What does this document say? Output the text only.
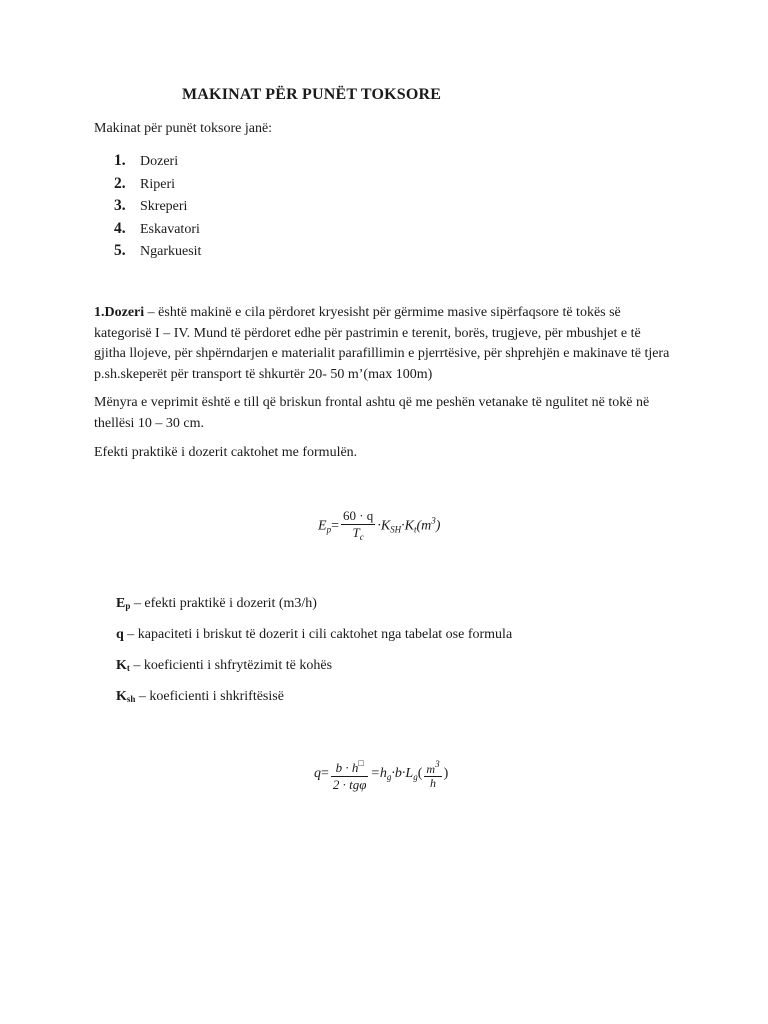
MAKINAT PËR PUNËT TOKSORE
Makinat për punët toksore janë:
1.	Dozeri
2.	Riperi
3.	Skreperi
4.	Eskavatori
5.	Ngarkuesit

1.Dozeri – është makinë e cila përdoret kryesisht për gërmime masive sipërfaqsore të tokës së kategorisë I – IV. Mund të përdoret edhe për pastrimin e terenit, borës, trugjeve, për mbushjet e të gjitha llojeve, për shpërndarjen e materialit parafillimin e pjerrtësive, për shprehjën e makinave të tjera p.sh.skeperët për transport të shkurtër 20- 50 m’(max 100m)

Mënyra e veprimit është e till që briskun frontal ashtu që me peshën vetanake të ngulitet në tokë në thellësi 10 – 30 cm.

Efekti praktikë i dozerit caktohet me formulën.

$E_p= \frac{60 \cdot q}{T_c} \cdot K_{SH}\cdot K_t(m^3)$
Ep – efekti praktikë i dozerit (m3/h)
q – kapaciteti i briskut të dozerit i cili caktohet nga tabelat ose formula
Kt – koeficienti i shfrytëzimit të kohës
Ksh – koeficienti i shkriftësisë
$q= \frac{b \cdot h^□}{\text{2 · tgφ}} =h_g\cdot b\cdot L_g( \frac{m^3}{h}$ )
